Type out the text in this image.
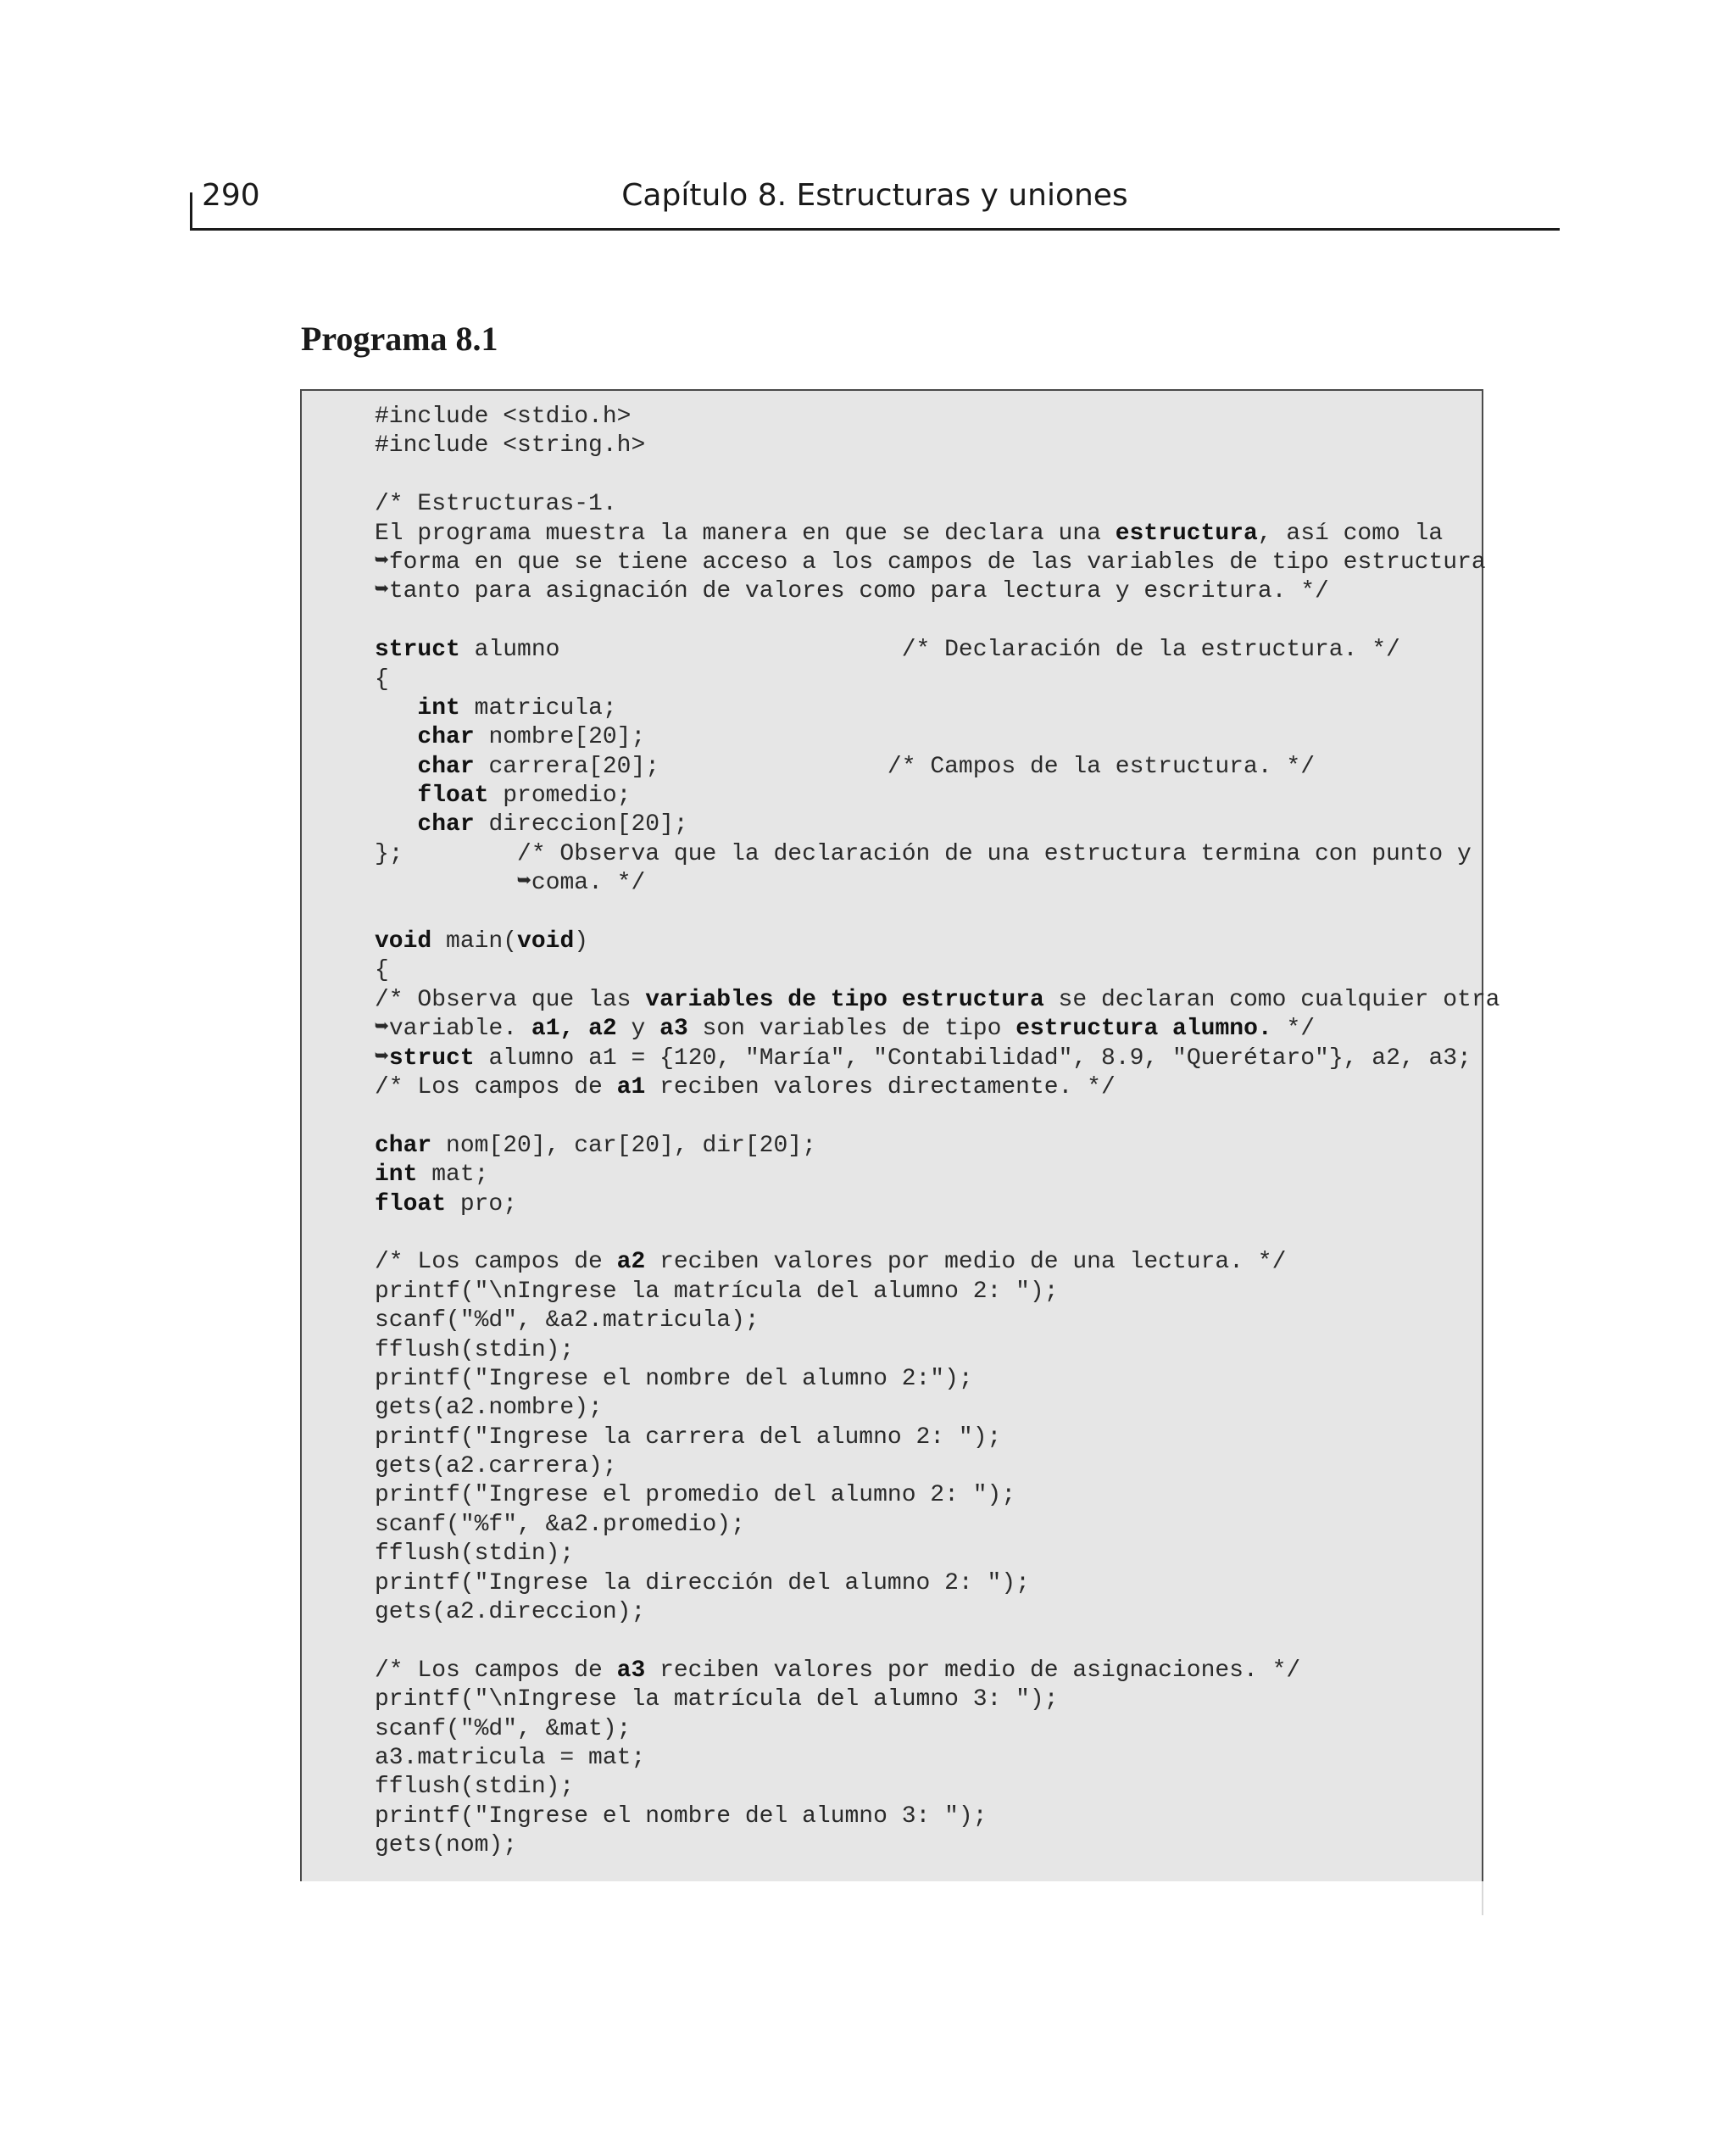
290	Capítulo 8. Estructuras y uniones
Programa 8.1
#include <stdio.h>
#include <string.h>
/* Estructuras-1.
El programa muestra la manera en que se declara una estructura, así como la
➥forma en que se tiene acceso a los campos de las variables de tipo estructura
➥tanto para asignación de valores como para lectura y escritura. */
struct alumno                        /* Declaración de la estructura. */
{
int matricula;
char nombre[20];
char carrera[20];                /* Campos de la estructura. */
float promedio;
char direccion[20];
};        /* Observa que la declaración de una estructura termina con punto y
➥coma. */
void main(void)
{
/* Observa que las variables de tipo estructura se declaran como cualquier otra
➥variable. a1, a2 y a3 son variables de tipo estructura alumno. */
➥struct alumno a1 = {120, "María", "Contabilidad", 8.9, "Querétaro"}, a2, a3;
/* Los campos de a1 reciben valores directamente. */
char nom[20], car[20], dir[20];
int mat;
float pro;
/* Los campos de a2 reciben valores por medio de una lectura. */
printf("\nIngrese la matrícula del alumno 2: ");
scanf("%d", &a2.matricula);
fflush(stdin);
printf("Ingrese el nombre del alumno 2:");
gets(a2.nombre);
printf("Ingrese la carrera del alumno 2: ");
gets(a2.carrera);
printf("Ingrese el promedio del alumno 2: ");
scanf("%f", &a2.promedio);
fflush(stdin);
printf("Ingrese la dirección del alumno 2: ");
gets(a2.direccion);
/* Los campos de a3 reciben valores por medio de asignaciones. */
printf("\nIngrese la matrícula del alumno 3: ");
scanf("%d", &mat);
a3.matricula = mat;
fflush(stdin);
printf("Ingrese el nombre del alumno 3: ");
gets(nom);
